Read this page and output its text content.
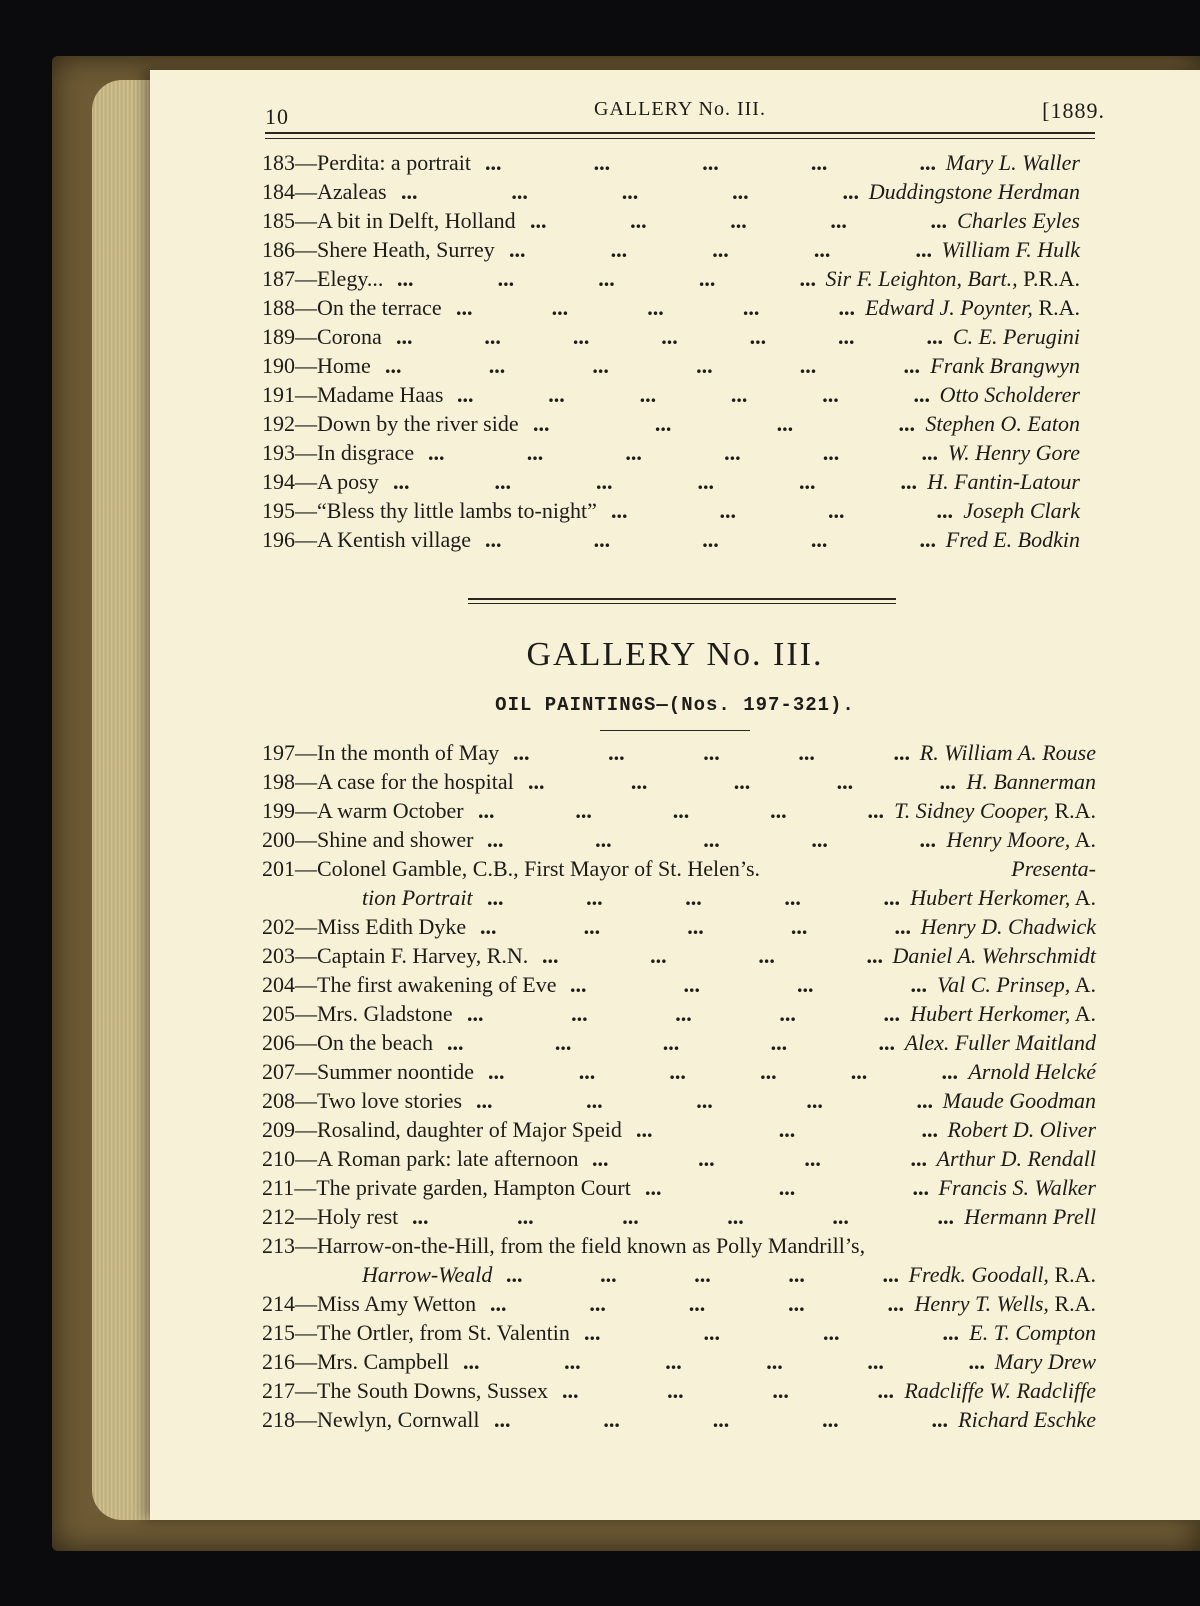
10	GALLERY No. III.	[1889.
183—Perdita: a portrait	Mary L. Waller
...	...	...	...	...
184—Azaleas	Duddingstone Herdman
...	...	...	...	...
185—A bit in Delft, Holland	Charles Eyles
...	...	...	...	...
186—Shere Heath, Surrey	William F. Hulk
...	...	...	...	...
187—Elegy...	Sir F. Leighton, Bart., P.R.A.
...	...	...	...	...
188—On the terrace	Edward J. Poynter, R.A.
...	...	...	...	...
189—Corona	C. E. Perugini
...	...	...	...	...	...	...
190—Home	Frank Brangwyn
...	...	...	...	...	...
191—Madame Haas	Otto Scholderer
...	...	...	...	...	...
192—Down by the river side	Stephen O. Eaton
...	...	...	...
193—In disgrace	W. Henry Gore
...	...	...	...	...	...
194—A posy	H. Fantin-Latour
...	...	...	...	...	...
195—“Bless thy little lambs to-night”	Joseph Clark
...	...	...	...
196—A Kentish village	Fred E. Bodkin
...	...	...	...	...
GALLERY No. III.
OIL PAINTINGS—(Nos. 197-321).
197—In the month of May	R. William A. Rouse
...	...	...	...	...
198—A case for the hospital	H. Bannerman
...	...	...	...	...
199—A warm October	T. Sidney Cooper, R.A.
...	...	...	...	...
200—Shine and shower	Henry Moore, A.
...	...	...	...	...
201—Colonel Gamble, C.B., First Mayor of St. Helen’s.	Presenta-
tion Portrait	Hubert Herkomer, A.
...	...	...	...	...
202—Miss Edith Dyke	Henry D. Chadwick
...	...	...	...	...
203—Captain F. Harvey, R.N.	Daniel A. Wehrschmidt
...	...	...	...
204—The first awakening of Eve	Val C. Prinsep, A.
...	...	...	...
205—Mrs. Gladstone	Hubert Herkomer, A.
...	...	...	...	...
206—On the beach	Alex. Fuller Maitland
...	...	...	...	...
207—Summer noontide	Arnold Helcké
...	...	...	...	...	...
208—Two love stories	Maude Goodman
...	...	...	...	...
209—Rosalind, daughter of Major Speid	Robert D. Oliver
...	...	...
210—A Roman park: late afternoon	Arthur D. Rendall
...	...	...	...
211—The private garden, Hampton Court	Francis S. Walker
...	...	...
212—Holy rest	Hermann Prell
...	...	...	...	...	...
213—Harrow-on-the-Hill, from the field known as Polly Mandrill’s,
Harrow-Weald	Fredk. Goodall, R.A.
...	...	...	...	...
214—Miss Amy Wetton	Henry T. Wells, R.A.
...	...	...	...	...
215—The Ortler, from St. Valentin	E. T. Compton
...	...	...	...
216—Mrs. Campbell	Mary Drew
...	...	...	...	...	...
217—The South Downs, Sussex	Radcliffe W. Radcliffe
...	...	...	...
218—Newlyn, Cornwall	Richard Eschke
...	...	...	...	...
